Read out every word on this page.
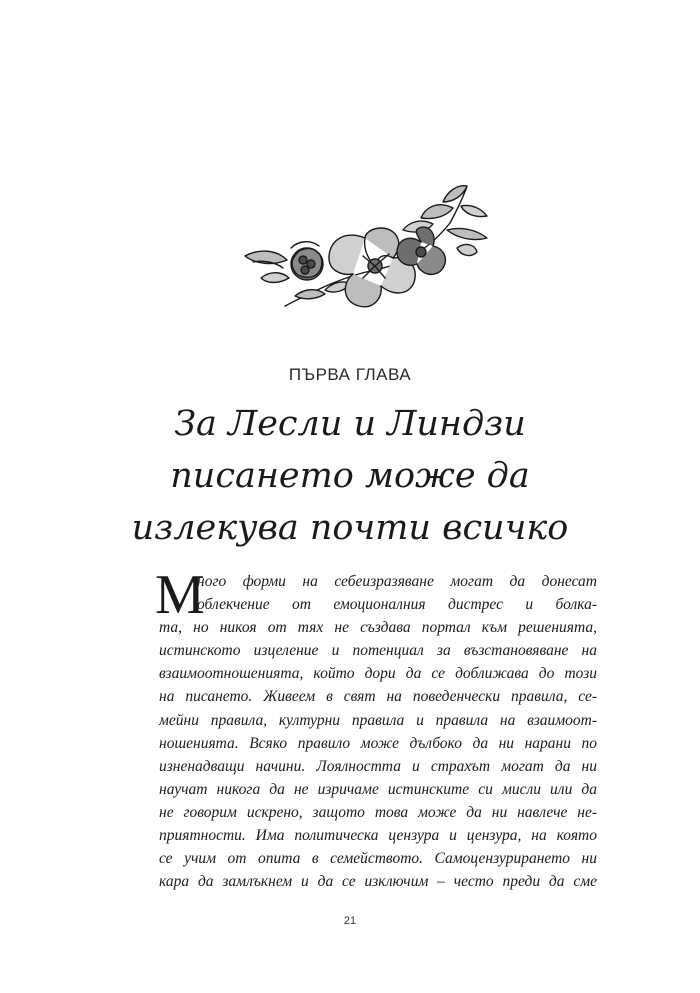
ПЪРВА ГЛАВА
За Лесли и Линдзи
писането може да
излекува почти всичко
М
ного форми на себеизразяване могат да донесат
облекчение от емоционалния дистрес и болка-
та, но никоя от тях не създава портал към решенията,
истинското изцеление и потенциал за възстановяване на
взаимоотношенията, който дори да се доближава до този
на писането. Живеем в свят на поведенчески правила, се-
мейни правила, културни правила и правила на взаимоот-
ношенията. Всяко правило може дълбоко да ни нарани по
изненадващи начини. Лоялността и страхът могат да ни
научат никога да не изричаме истинските си мисли или да
не говорим искрено, защото това може да ни навлече не-
приятности. Има политическа цензура и цензура, на която
се учим от опита в семейството. Самоцензурирането ни
кара да замлъкнем и да се изключим – често преди да сме
21
